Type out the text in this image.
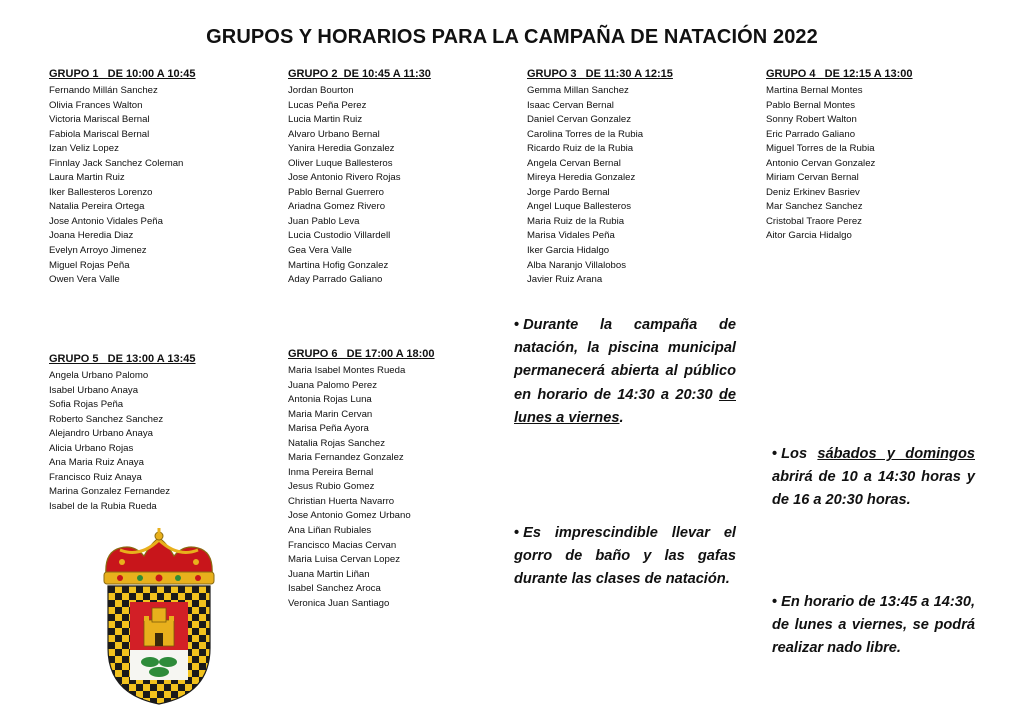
GRUPOS Y HORARIOS PARA LA CAMPAÑA DE NATACIÓN 2022
GRUPO 1   DE 10:00 A 10:45
Fernando Millán Sanchez
Olivia Frances Walton
Victoria Mariscal Bernal
Fabiola Mariscal Bernal
Izan Veliz Lopez
Finnlay Jack Sanchez Coleman
Laura Martin Ruiz
Iker Ballesteros Lorenzo
Natalia Pereira Ortega
Jose Antonio Vidales Peña
Joana Heredia Diaz
Evelyn Arroyo Jimenez
Miguel Rojas Peña
Owen Vera Valle
GRUPO 2  DE 10:45 A 11:30
Jordan Bourton
Lucas Peña Perez
Lucia Martin Ruiz
Alvaro Urbano Bernal
Yanira Heredia Gonzalez
Oliver Luque Ballesteros
Jose Antonio Rivero Rojas
Pablo Bernal Guerrero
Ariadna Gomez Rivero
Juan Pablo Leva
Lucia Custodio Villardell
Gea Vera Valle
Martina Hofig Gonzalez
Aday Parrado Galiano
GRUPO 3   DE 11:30 A 12:15
Gemma Millan Sanchez
Isaac Cervan Bernal
Daniel Cervan Gonzalez
Carolina Torres de la Rubia
Ricardo Ruiz de la Rubia
Angela Cervan Bernal
Mireya Heredia Gonzalez
Jorge Pardo Bernal
Angel Luque Ballesteros
Maria Ruiz de la Rubia
Marisa Vidales Peña
Iker Garcia Hidalgo
Alba Naranjo Villalobos
Javier Ruiz Arana
GRUPO 4   DE 12:15 A 13:00
Martina Bernal Montes
Pablo Bernal Montes
Sonny Robert Walton
Eric Parrado Galiano
Miguel Torres de la Rubia
Antonio Cervan Gonzalez
Miriam Cervan Bernal
Deniz Erkinev Basriev
Mar Sanchez Sanchez
Cristobal Traore Perez
Aitor Garcia Hidalgo
GRUPO 5   DE 13:00 A 13:45
Angela Urbano Palomo
Isabel Urbano Anaya
Sofia Rojas Peña
Roberto Sanchez Sanchez
Alejandro Urbano Anaya
Alicia Urbano Rojas
Ana Maria Ruiz Anaya
Francisco Ruiz Anaya
Marina Gonzalez Fernandez
Isabel de la Rubia Rueda
GRUPO 6   DE 17:00 A 18:00
Maria Isabel Montes Rueda
Juana Palomo Perez
Antonia Rojas Luna
Maria Marin Cervan
Marisa Peña Ayora
Natalia Rojas Sanchez
Maria Fernandez Gonzalez
Inma Pereira Bernal
Jesus Rubio Gomez
Christian Huerta Navarro
Jose Antonio Gomez Urbano
Ana Liñan Rubiales
Francisco Macias Cervan
Maria Luisa Cervan Lopez
Juana Martin Liñan
Isabel Sanchez Aroca
Veronica Juan Santiago
• Durante la campaña de natación, la piscina municipal permanecerá abierta al público en horario de 14:30 a 20:30 de lunes a viernes.
• Es imprescindible llevar el gorro de baño y las gafas durante las clases de natación.
• Los sábados y domingos abrirá de 10 a 14:30 horas y de 16 a 20:30 horas.
• En horario de 13:45 a 14:30, de lunes a viernes, se podrá realizar nado libre.
